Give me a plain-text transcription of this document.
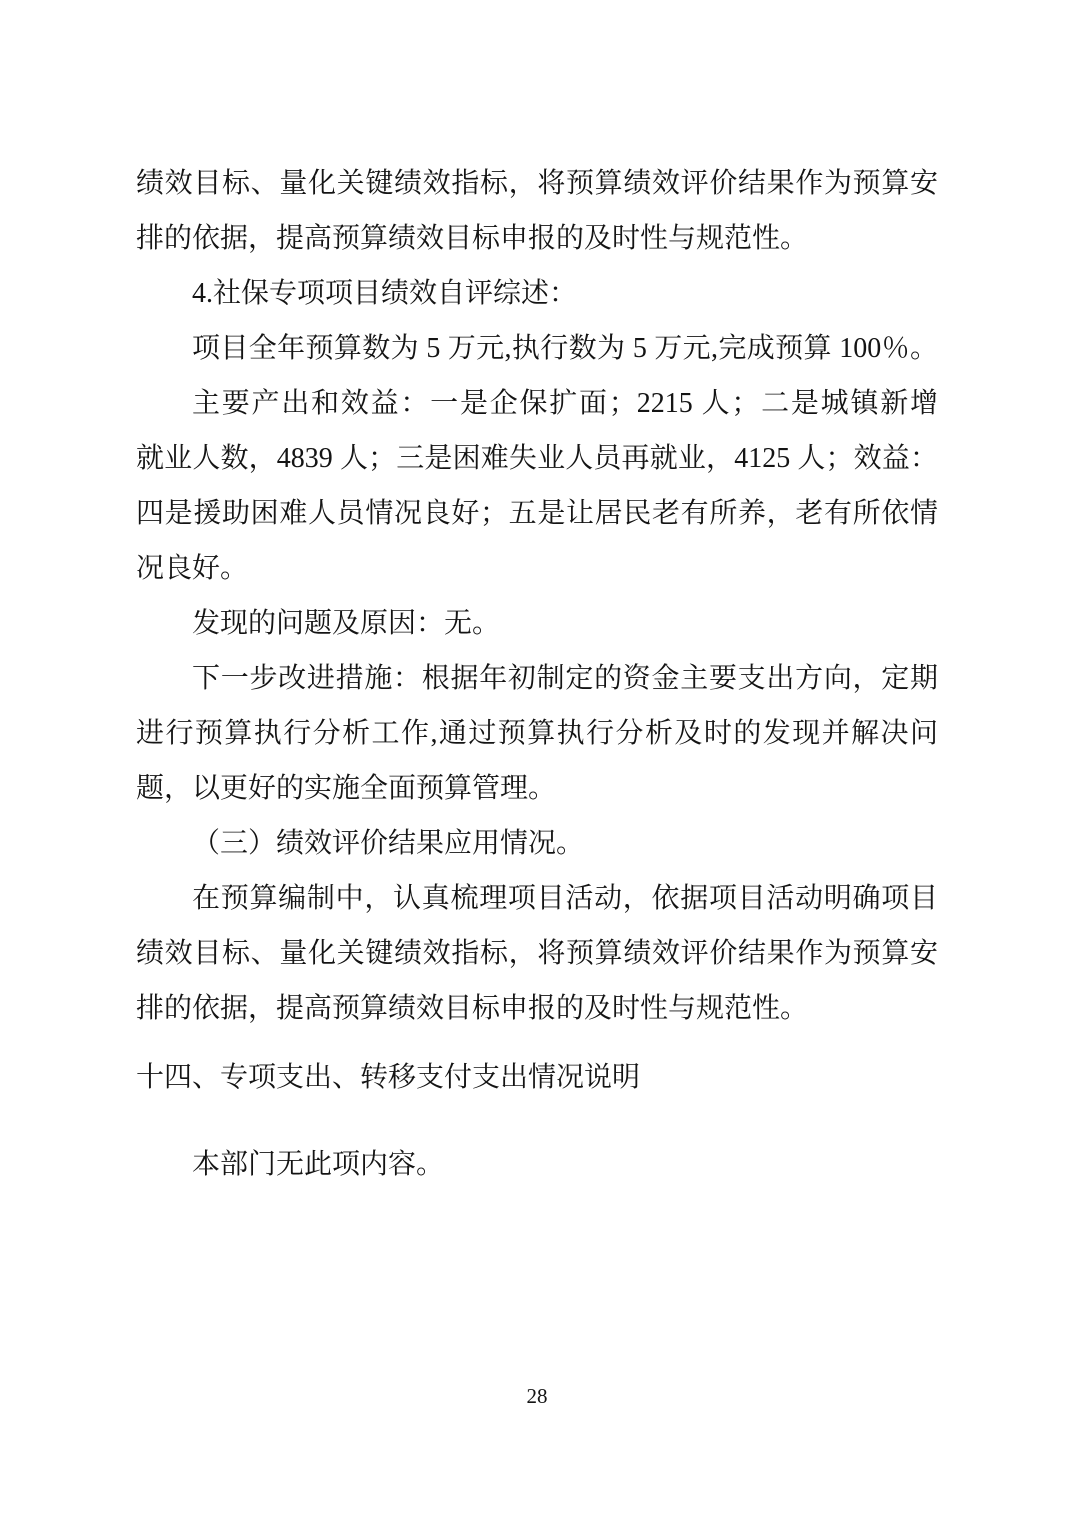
绩效目标、量化关键绩效指标，将预算绩效评价结果作为预算安
排的依据，提高预算绩效目标申报的及时性与规范性。
4.社保专项项目绩效自评综述：
项目全年预算数为 5 万元,执行数为 5 万元,完成预算 100％。
主要产出和效益：一是企保扩面；2215 人；二是城镇新增
就业人数，4839 人；三是困难失业人员再就业，4125 人；效益：
四是援助困难人员情况良好；五是让居民老有所养，老有所依情
况良好。
发现的问题及原因：无。
下一步改进措施：根据年初制定的资金主要支出方向，定期
进行预算执行分析工作,通过预算执行分析及时的发现并解决问
题，以更好的实施全面预算管理。
（三）绩效评价结果应用情况。
在预算编制中，认真梳理项目活动，依据项目活动明确项目
绩效目标、量化关键绩效指标，将预算绩效评价结果作为预算安
排的依据，提高预算绩效目标申报的及时性与规范性。
十四、专项支出、转移支付支出情况说明
本部门无此项内容。
28
